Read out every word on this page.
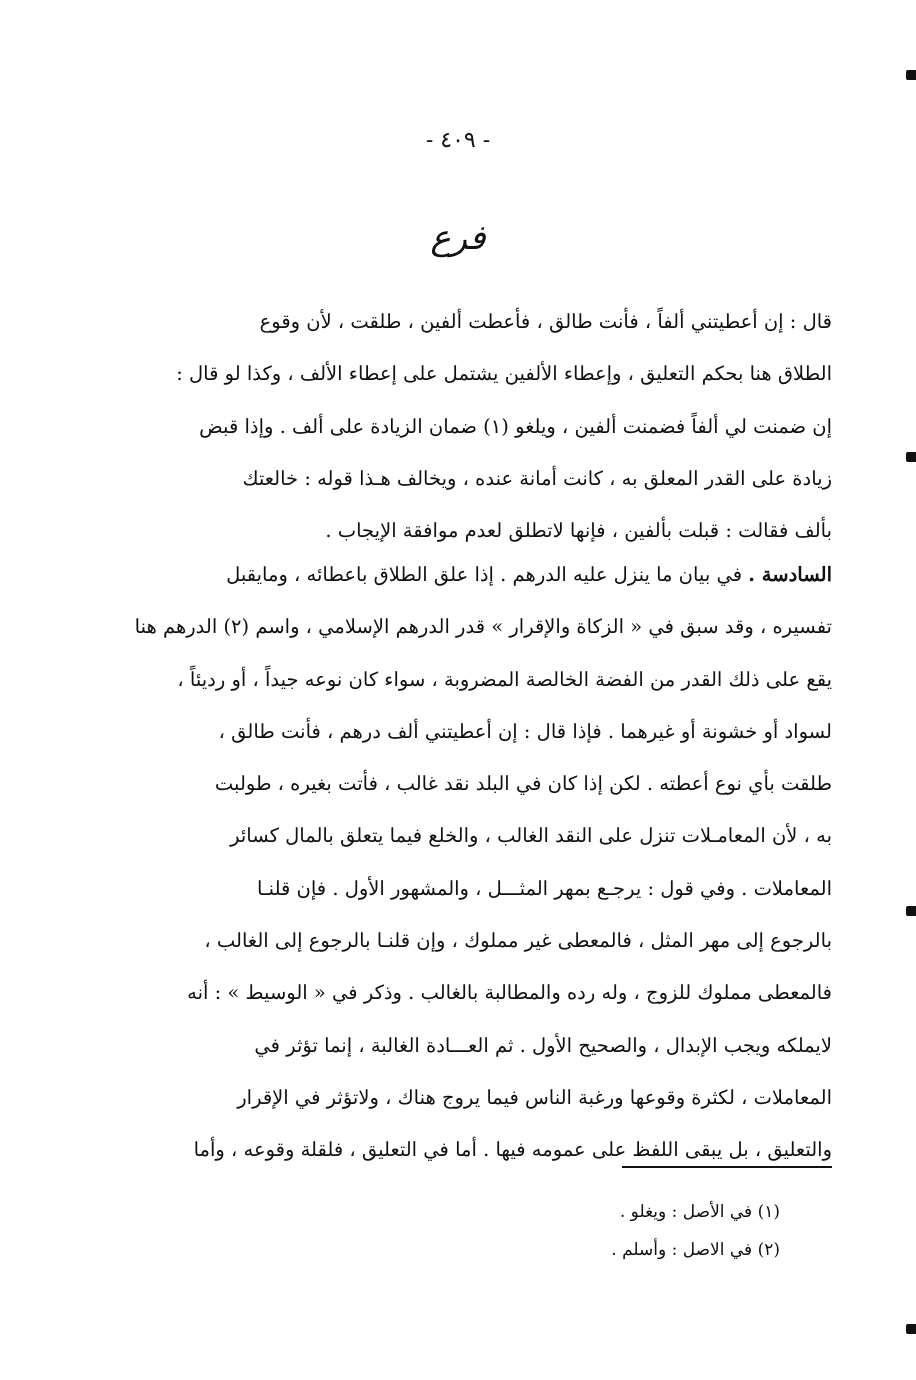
- ٤٠٩ -
فرع
قال : إن أعطيتني ألفاً ، فأنت طالق ، فأعطت ألفين ، طلقت ، لأن وقوع
الطلاق هنا بحكم التعليق ، وإعطاء الألفين يشتمل على إعطاء الألف ، وكذا لو قال :
إن ضمنت لي ألفاً فضمنت ألفين ، ويلغو (١) ضمان الزيادة على ألف . وإذا قبض
زيادة على القدر المعلق به ، كانت أمانة عنده ، ويخالف هـذا قوله : خالعتك
بألف فقالت : قبلت بألفين ، فإنها لاتطلق لعدم موافقة الإيجاب .
السادسة . في بيان ما ينزل عليه الدرهم . إذا علق الطلاق باعطائه ، ومايقبل
تفسيره ، وقد سبق في « الزكاة والإقرار » قدر الدرهم الإسلامي ، واسم (٢) الدرهم هنا
يقع على ذلك القدر من الفضة الخالصة المضروبة ، سواء كان نوعه جيداً ، أو رديئاً ،
لسواد أو خشونة أو غيرهما . فإذا قال : إن أعطيتني ألف درهم ، فأنت طالق ،
طلقت بأي نوع أعطته . لكن إذا كان في البلد نقد غالب ، فأتت بغيره ، طولبت
به ، لأن المعامـلات تنزل على النقد الغالب ، والخلع فيما يتعلق بالمال كسائر
المعاملات . وفي قول : يرجـع بمهر المثـــل ، والمشهور الأول . فإن قلنـا
بالرجوع إلى مهر المثل ، فالمعطى غير مملوك ، وإن قلنـا بالرجوع إلى الغالب ،
فالمعطى مملوك للزوج ، وله رده والمطالبة بالغالب . وذكر في « الوسيط » : أنه
لايملكه ويجب الإبدال ، والصحيح الأول . ثم العـــادة الغالبة ، إنما تؤثر في
المعاملات ، لكثرة وقوعها ورغبة الناس فيما يروج هناك ، ولاتؤثر في الإقرار
والتعليق ، بل يبقى اللفظ على عمومه فيها . أما في التعليق ، فلقلة وقوعه ، وأما
(١) في الأصل : ويغلو .
(٢) في الاصل : وأسلم .
